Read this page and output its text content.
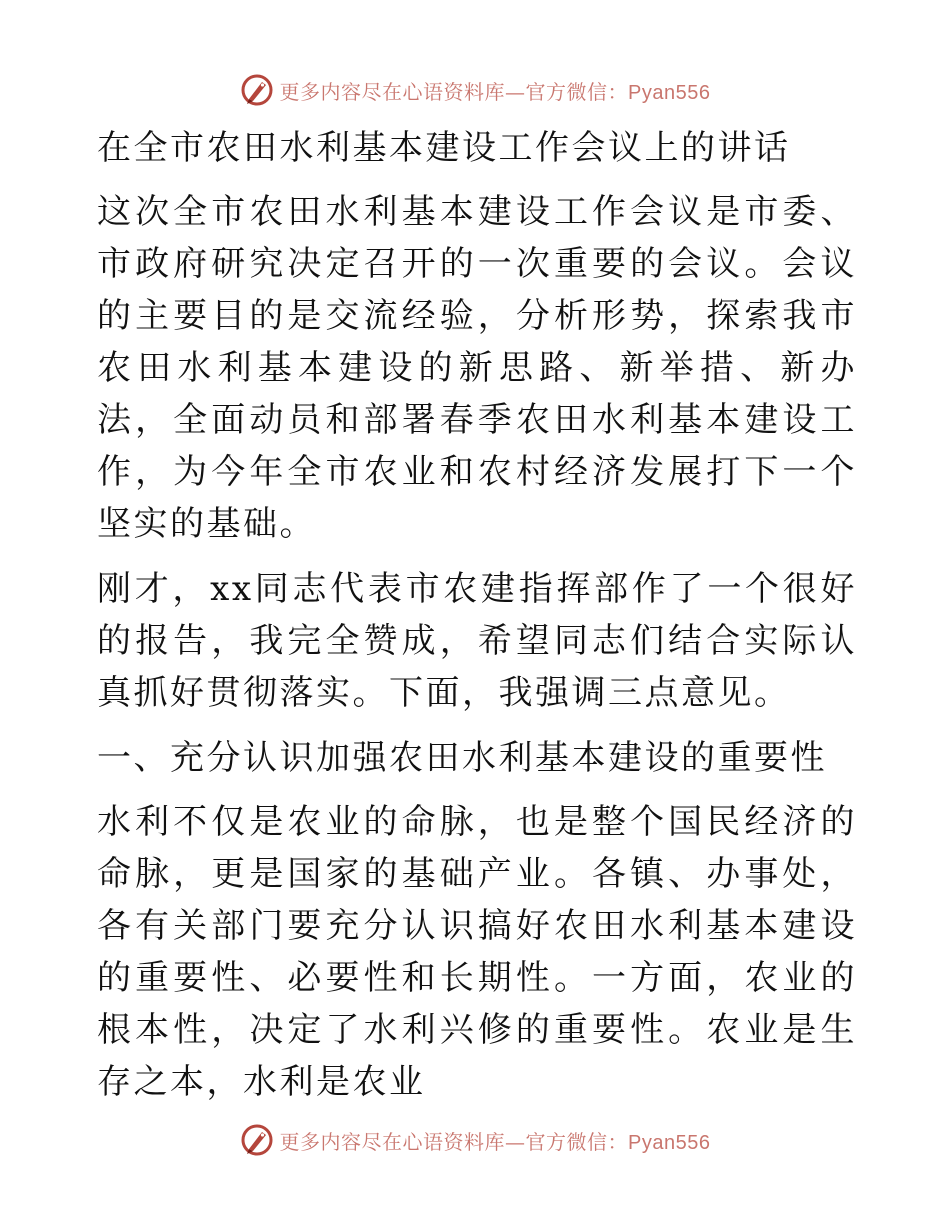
更多内容尽在心语资料库—官方微信：Pyan556

在全市农田水利基本建设工作会议上的讲话

这次全市农田水利基本建设工作会议是市委、市政府研究决定召开的一次重要的会议。会议的主要目的是交流经验，分析形势，探索我市农田水利基本建设的新思路、新举措、新办法，全面动员和部署春季农田水利基本建设工作，为今年全市农业和农村经济发展打下一个坚实的基础。

刚才，xx同志代表市农建指挥部作了一个很好的报告，我完全赞成，希望同志们结合实际认真抓好贯彻落实。下面，我强调三点意见。

一、充分认识加强农田水利基本建设的重要性

水利不仅是农业的命脉，也是整个国民经济的命脉，更是国家的基础产业。各镇、办事处，各有关部门要充分认识搞好农田水利基本建设的重要性、必要性和长期性。一方面，农业的根本性，决定了水利兴修的重要性。农业是生存之本，水利是农业

更多内容尽在心语资料库—官方微信：Pyan556
